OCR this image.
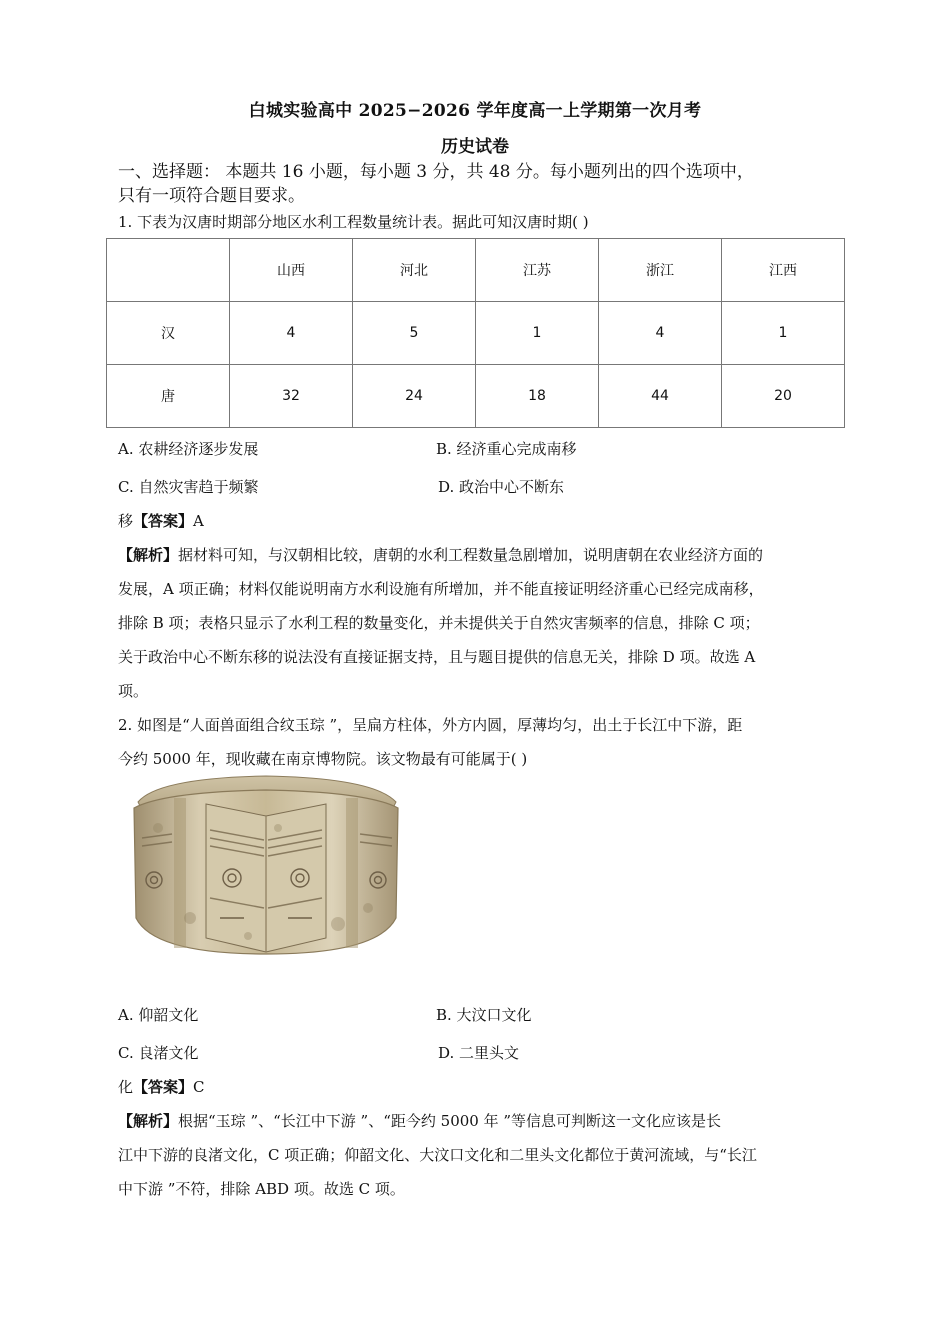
白城实验高中 2025−2026 学年度高一上学期第一次月考
历史试卷
一、选择题： 本题共 16 小题，每小题 3 分，共 48 分。每小题列出的四个选项中，
只有一项符合题目要求。
1. 下表为汉唐时期部分地区水利工程数量统计表。据此可知汉唐时期( )
	山西	河北	江苏	浙江	江西
汉	4	5	1	4	1
唐	32	24	18	44	20
A. 农耕经济逐步发展	B. 经济重心完成南移
C. 自然灾害趋于频繁	D. 政治中心不断东
移【答案】A
【解析】据材料可知，与汉朝相比较，唐朝的水利工程数量急剧增加，说明唐朝在农业经济方面的
发展，A 项正确；材料仅能说明南方水利设施有所增加，并不能直接证明经济重心已经完成南移，
排除 B 项；表格只显示了水利工程的数量变化，并未提供关于自然灾害频率的信息，排除 C 项；
关于政治中心不断东移的说法没有直接证据支持，且与题目提供的信息无关，排除 D 项。故选 A
项。
2. 如图是“人面兽面组合纹玉琮 ”，呈扁方柱体，外方内圆，厚薄均匀，出土于长江中下游，距
今约 5000 年，现收藏在南京博物院。该文物最有可能属于( )
A. 仰韶文化	B. 大汶口文化
C. 良渚文化	D. 二里头文
化【答案】C
【解析】根据“玉琮 ”、“长江中下游 ”、“距今约 5000 年 ”等信息可判断这一文化应该是长
江中下游的良渚文化，C 项正确；仰韶文化、大汶口文化和二里头文化都位于黄河流域，与“长江
中下游 ”不符，排除 ABD 项。故选 C 项。
